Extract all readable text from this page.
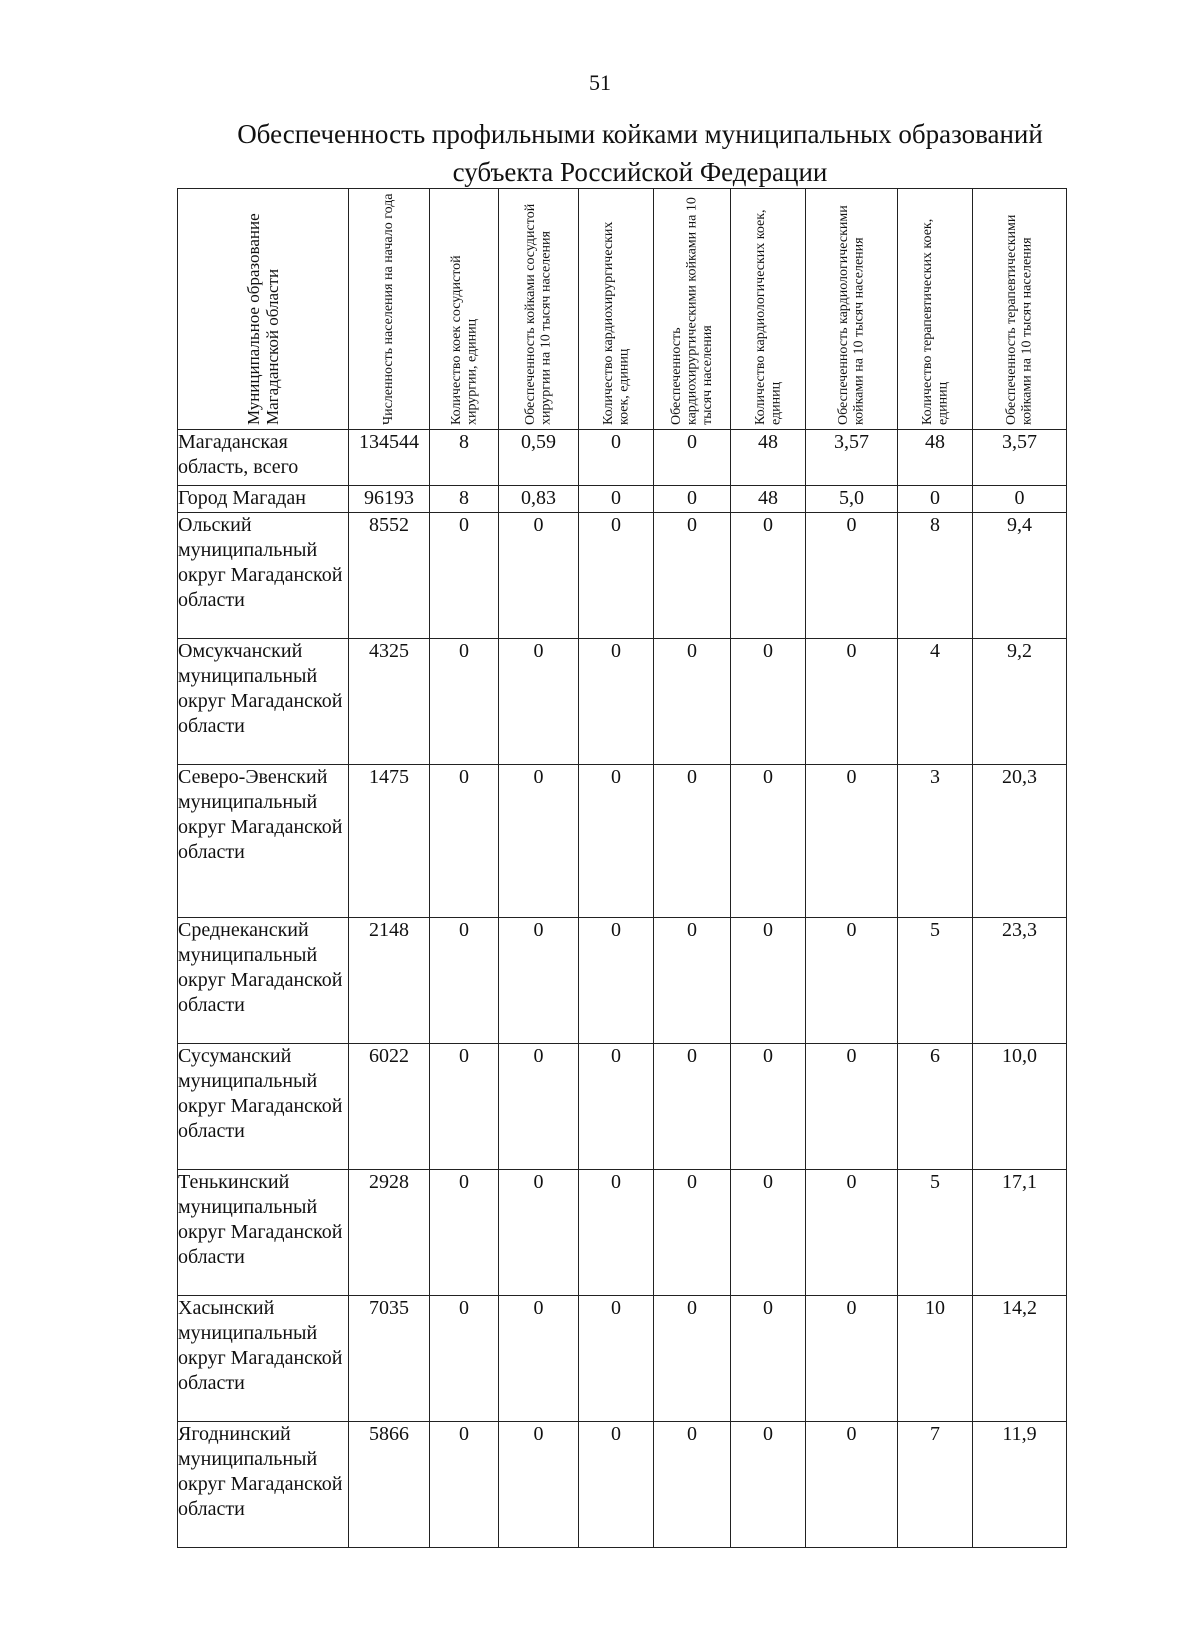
51
Обеспеченность профильными койками муниципальных образований
субъекта Российской Федерации
Муниципальное образование Магаданской области	Численность населения на начало года	Количество коек сосудистой хирургии, единиц	Обеспеченность койками сосудистой хирургии на 10 тысяч населения	Количество кардиохирургических коек, единиц	Обеспеченность кардиохирургическими койками на 10 тысяч населения	Количество кардиологических коек, единиц	Обеспеченность кардиологическими койками на 10 тысяч населения	Количество терапевтических коек, единиц	Обеспеченность терапевтическими койками на 10 тысяч населения

Магаданская область, всего	134544	8	0,59	0	0	48	3,57	48	3,57
Город Магадан	96193	8	0,83	0	0	48	5,0	0	0
Ольский муниципальный округ Магаданской области	8552	0	0	0	0	0	0	8	9,4
Омсукчанский муниципальный округ Магаданской области	4325	0	0	0	0	0	0	4	9,2
Северо-Эвенский муниципальный округ Магаданской области	1475	0	0	0	0	0	0	3	20,3
Среднеканский муниципальный округ Магаданской области	2148	0	0	0	0	0	0	5	23,3
Сусуманский муниципальный округ Магаданской области	6022	0	0	0	0	0	0	6	10,0
Тенькинский муниципальный округ Магаданской области	2928	0	0	0	0	0	0	5	17,1
Хасынский муниципальный округ Магаданской области	7035	0	0	0	0	0	0	10	14,2
Ягоднинский муниципальный округ Магаданской области	5866	0	0	0	0	0	0	7	11,9
